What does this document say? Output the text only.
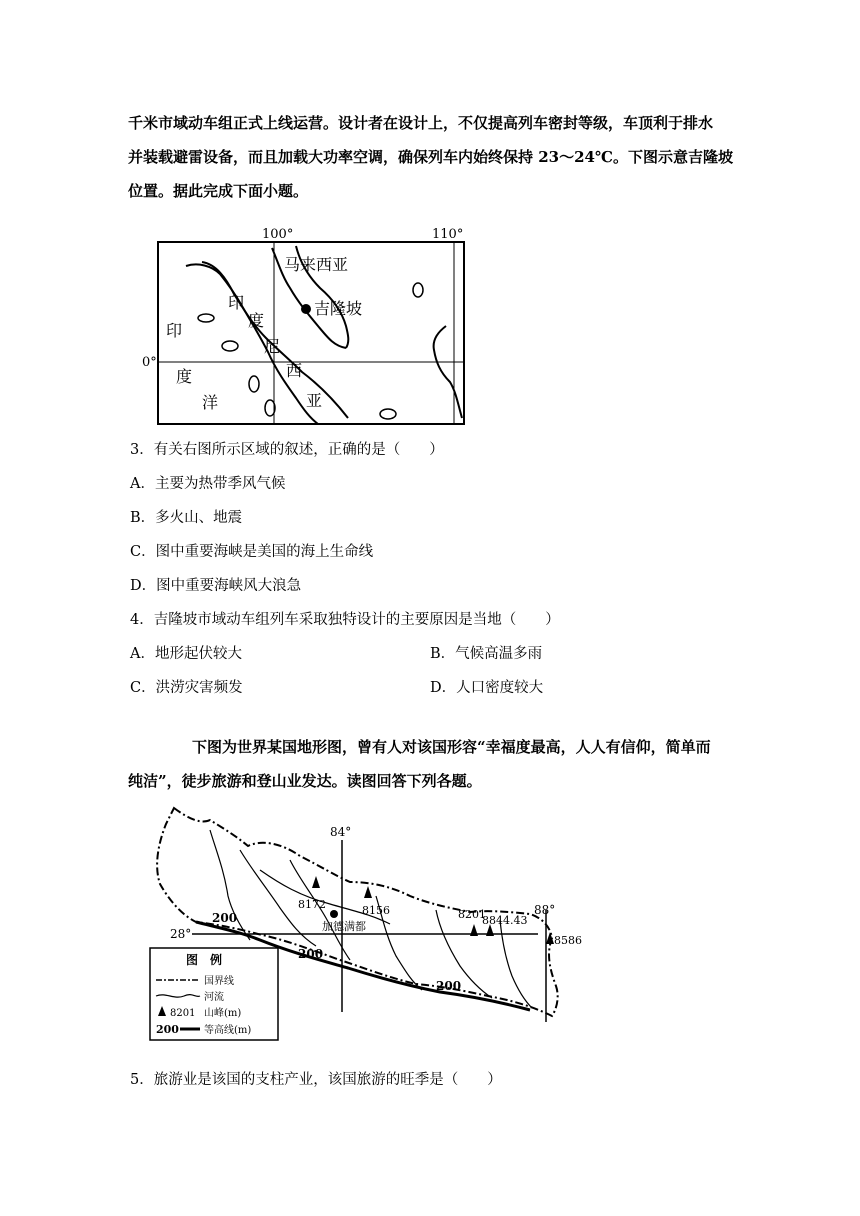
千米市域动车组正式上线运营。设计者在设计上，不仅提高列车密封等级，车顶利于排水
并装载避雷设备，而且加载大功率空调，确保列车内始终保持 23～24℃。下图示意吉隆坡
位置。据此完成下面小题。
100°	110°
0°
马来西亚
吉隆坡
印
度
尼
西
亚
印
度
洋
3．有关右图所示区域的叙述，正确的是（　　）
A．主要为热带季风气候
B．多火山、地震
C．图中重要海峡是美国的海上生命线
D．图中重要海峡风大浪急
4．吉隆坡市域动车组列车采取独特设计的主要原因是当地（　　）
A．地形起伏较大	B．气候高温多雨
C．洪涝灾害频发	D．人口密度较大
下图为世界某国地形图，曾有人对该国形容“幸福度最高，人人有信仰，简单而
纯洁”，徒步旅游和登山业发达。读图回答下列各题。
84°
88°
28°
200
200
200
8172	8156	8201
8844.43
8586
加德满都
图　例
国界线
河流
8201 山峰(m)
200	等高线(m)
5．旅游业是该国的支柱产业，该国旅游的旺季是（　　）
